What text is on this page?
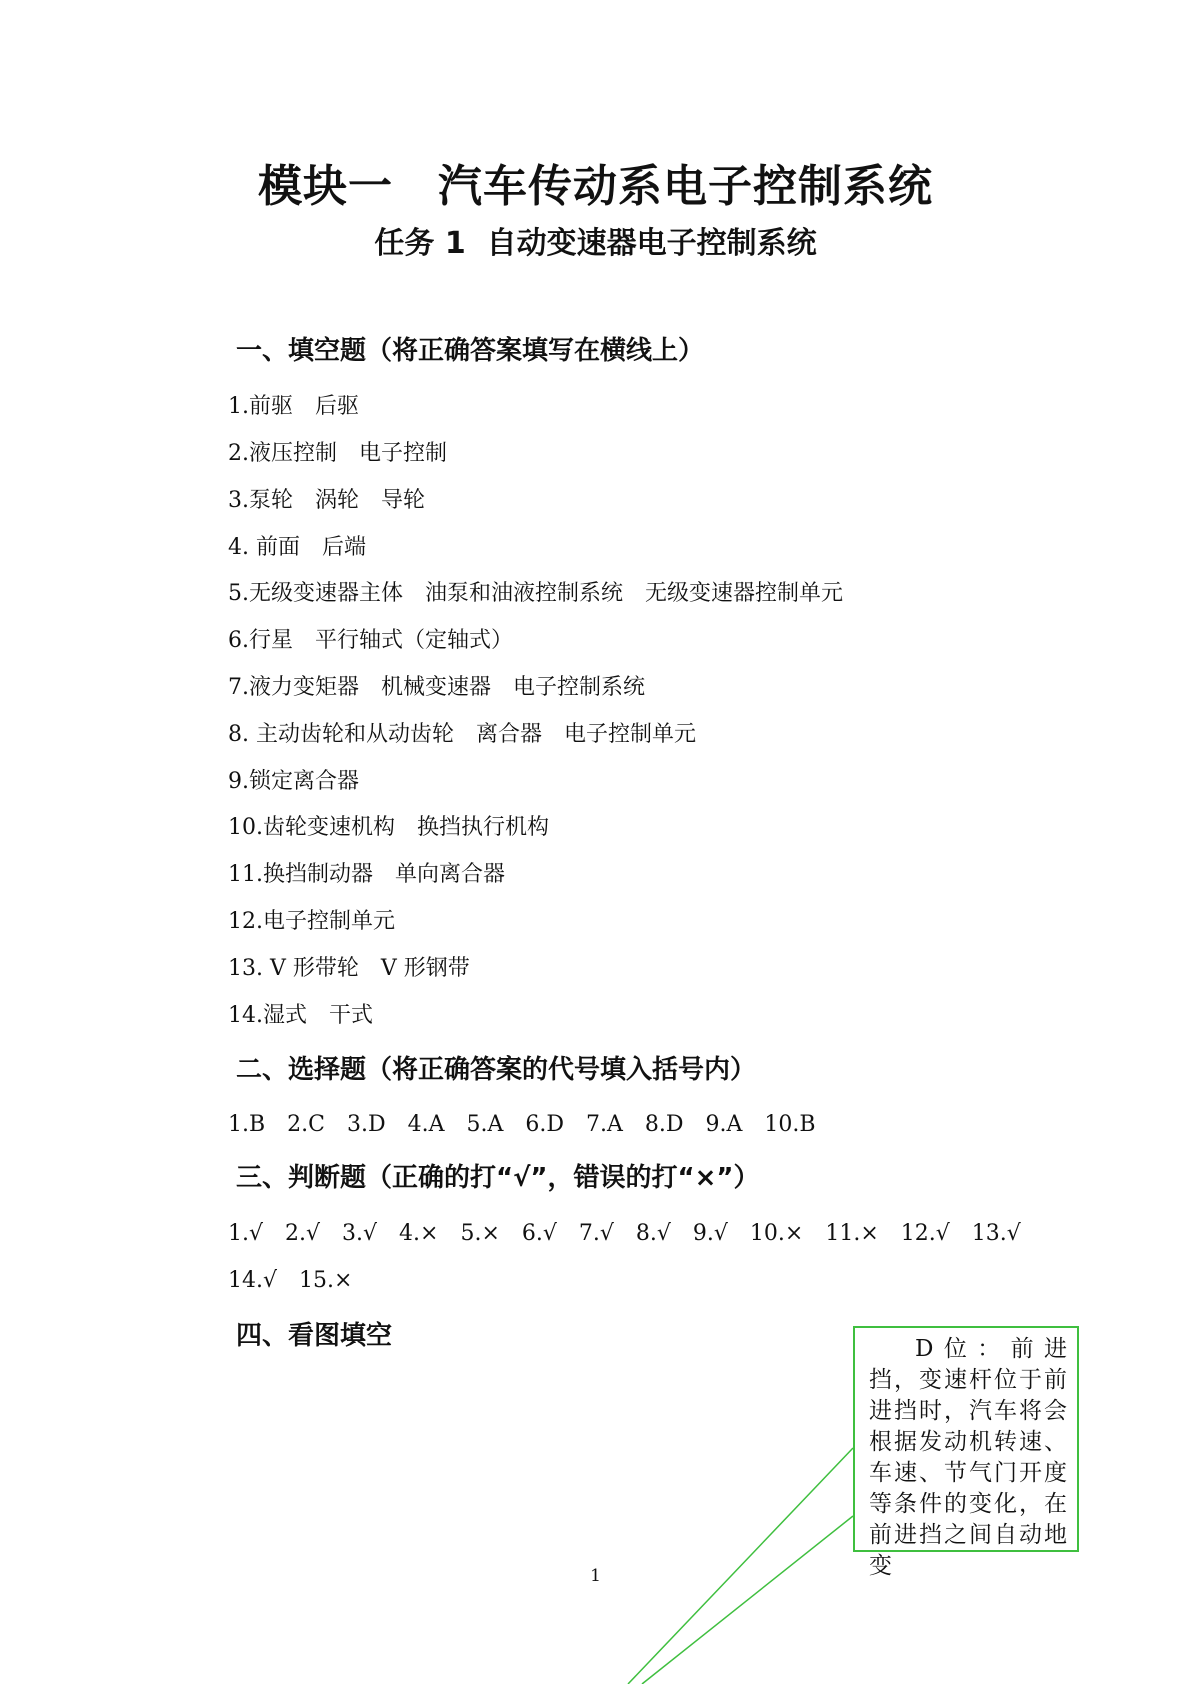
模块一　汽车传动系电子控制系统
任务 1  自动变速器电子控制系统
一、填空题（将正确答案填写在横线上）
1.前驱　后驱
2.液压控制　电子控制
3.泵轮　涡轮　导轮
4. 前面　后端
5.无级变速器主体　油泵和油液控制系统　无级变速器控制单元
6.行星　平行轴式（定轴式）
7.液力变矩器　机械变速器　电子控制系统
8. 主动齿轮和从动齿轮　离合器　电子控制单元
9.锁定离合器
10.齿轮变速机构　换挡执行机构
11.换挡制动器　单向离合器
12.电子控制单元
13. V 形带轮　V 形钢带
14.湿式　干式
二、选择题（将正确答案的代号填入括号内）
1.B　2.C　3.D　4.A　5.A　6.D　7.A　8.D　9.A　10.B
三、判断题（正确的打“√”，错误的打“×”）
1.√　2.√　3.√　4.×　5.×　6.√　7.√　8.√　9.√　10.×　11.×　12.√　13.√
14.√　15.×
四、看图填空	D位：前进挡，变速杆位于前进挡时，汽车将会根据发动机转速、 车速、节气门开度等条件的变化，在前进挡之间自动地变
1
